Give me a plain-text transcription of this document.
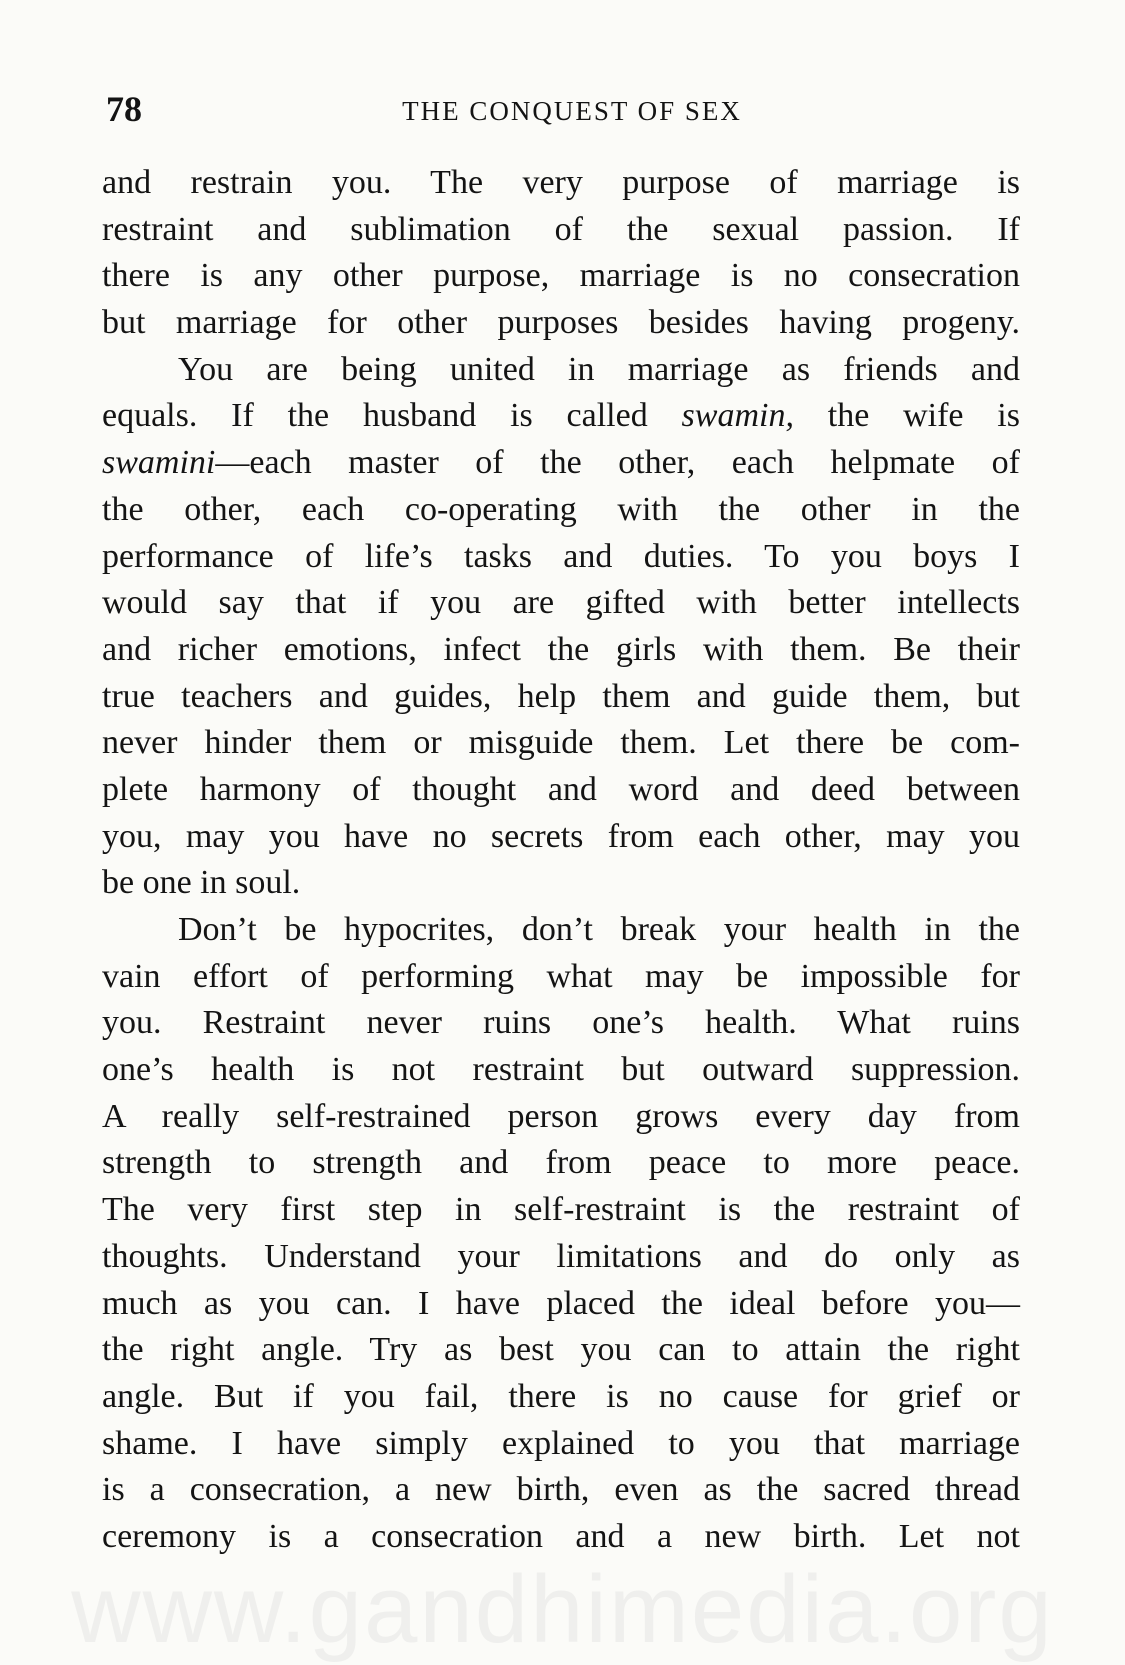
78	THE CONQUEST OF SEX
and restrain you. The very purpose of marriage is
restraint and sublimation of the sexual passion. If
there is any other purpose, marriage is no consecration
but marriage for other purposes besides having progeny.
You are being united in marriage as friends and
equals. If the husband is called swamin, the wife is
swamini—each master of the other, each helpmate of
the other, each co-operating with the other in the
performance of life’s tasks and duties. To you boys I
would say that if you are gifted with better intellects
and richer emotions, infect the girls with them. Be their
true teachers and guides, help them and guide them, but
never hinder them or misguide them. Let there be com-
plete harmony of thought and word and deed between
you, may you have no secrets from each other, may you
be one in soul.
Don’t be hypocrites, don’t break your health in the
vain effort of performing what may be impossible for
you. Restraint never ruins one’s health. What ruins
one’s health is not restraint but outward suppression.
A really self-restrained person grows every day from
strength to strength and from peace to more peace.
The very first step in self-restraint is the restraint of
thoughts. Understand your limitations and do only as
much as you can. I have placed the ideal before you—
the right angle. Try as best you can to attain the right
angle. But if you fail, there is no cause for grief or
shame. I have simply explained to you that marriage
is a consecration, a new birth, even as the sacred thread
ceremony is a consecration and a new birth. Let not
www.gandhimedia.org
